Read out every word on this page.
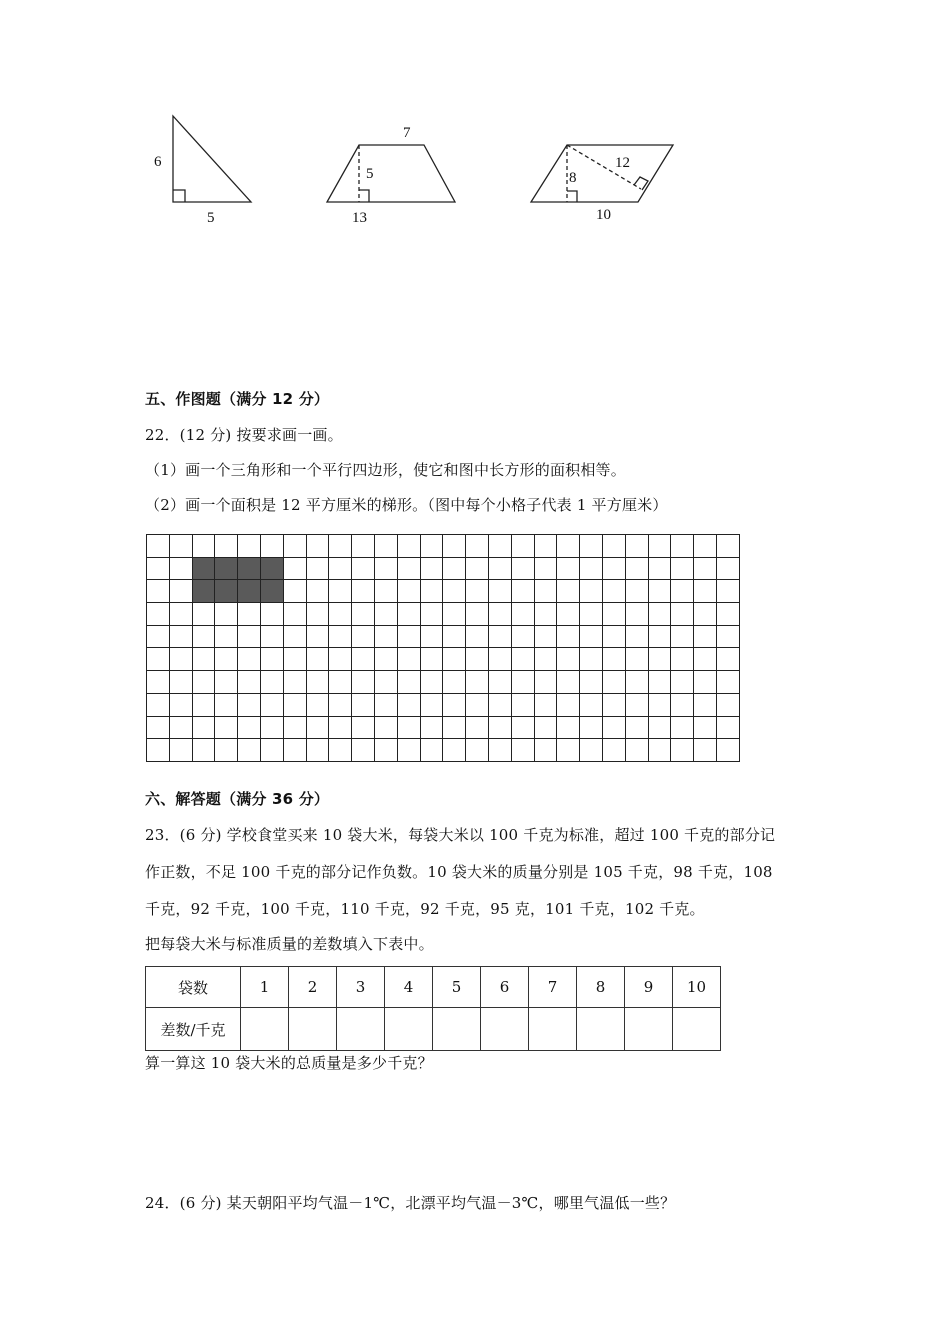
6
5
7
5
13
8
12
10
五、作图题（满分 12 分）
22．(12 分) 按要求画一画。
（1）画一个三角形和一个平行四边形，使它和图中长方形的面积相等。
（2）画一个面积是 12 平方厘米的梯形。（图中每个小格子代表 1 平方厘米）
六、解答题（满分 36 分）
23．(6 分) 学校食堂买来 10 袋大米，每袋大米以 100 千克为标准，超过 100 千克的部分记
作正数，不足 100 千克的部分记作负数。10 袋大米的质量分别是 105 千克，98 千克，108
千克，92 千克，100 千克，110 千克，92 千克，95 克，101 千克，102 千克。
把每袋大米与标准质量的差数填入下表中。
袋数	1	2	3	4	5	6	7	8	9	10
差数/千克										
算一算这 10 袋大米的总质量是多少千克？
24．(6 分) 某天朝阳平均气温－1℃，北漂平均气温－3℃，哪里气温低一些？
